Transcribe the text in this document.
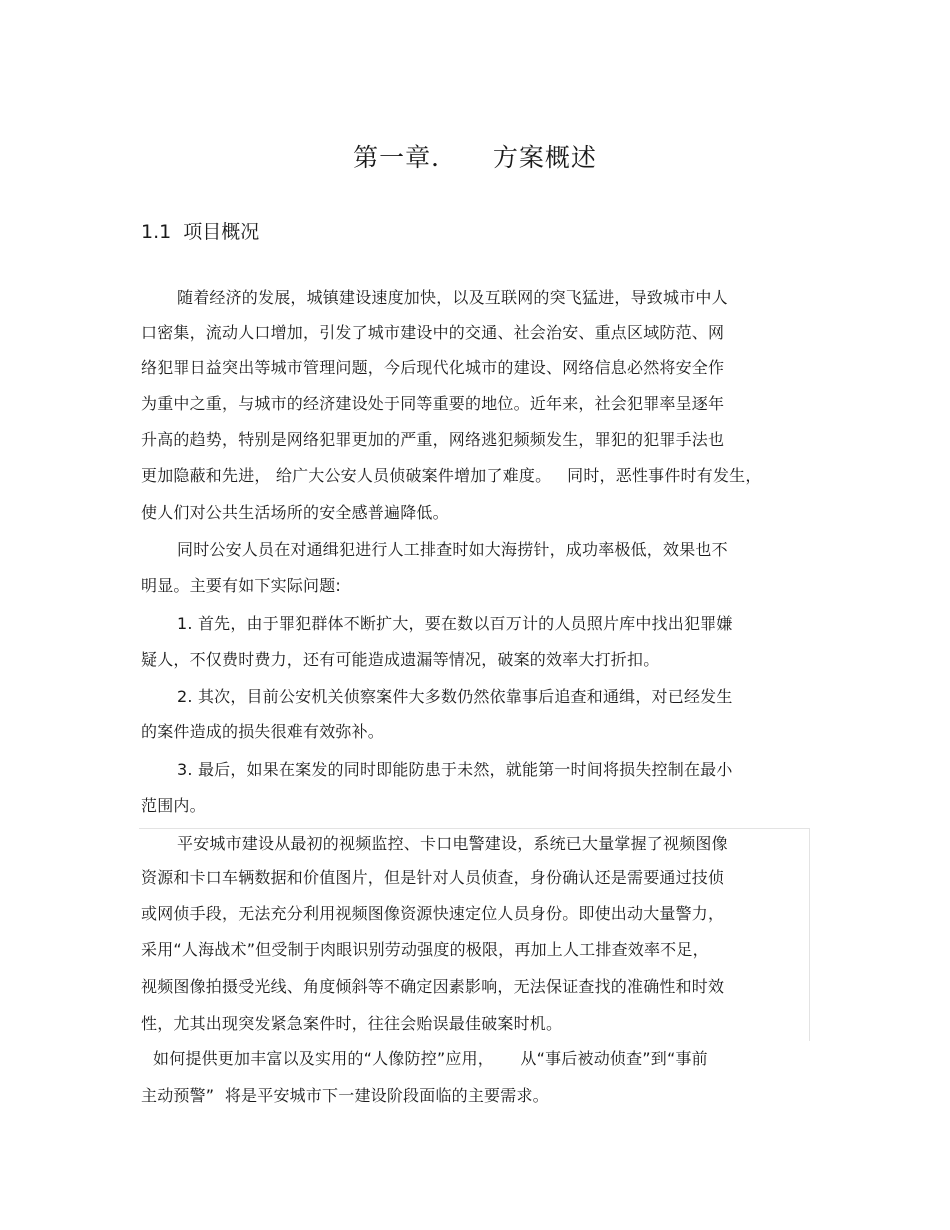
第一章．    方案概述
1.1  项目概况
随着经济的发展，城镇建设速度加快，以及互联网的突飞猛进，导致城市中人
口密集，流动人口增加，引发了城市建设中的交通、社会治安、重点区域防范、网
络犯罪日益突出等城市管理问题，今后现代化城市的建设、网络信息必然将安全作
为重中之重，与城市的经济建设处于同等重要的地位。近年来，社会犯罪率呈逐年
升高的趋势，特别是网络犯罪更加的严重，网络逃犯频频发生，罪犯的犯罪手法也
更加隐蔽和先进， 给广大公安人员侦破案件增加了难度。   同时，恶性事件时有发生，
使人们对公共生活场所的安全感普遍降低。
同时公安人员在对通缉犯进行人工排查时如大海捞针，成功率极低，效果也不
明显。主要有如下实际问题:
1. 首先，由于罪犯群体不断扩大，要在数以百万计的人员照片库中找出犯罪嫌
疑人，不仅费时费力，还有可能造成遗漏等情况，破案的效率大打折扣。
2. 其次，目前公安机关侦察案件大多数仍然依靠事后追查和通缉，对已经发生
的案件造成的损失很难有效弥补。
3. 最后，如果在案发的同时即能防患于未然，就能第一时间将损失控制在最小
范围内。
平安城市建设从最初的视频监控、卡口电警建设，系统已大量掌握了视频图像
资源和卡口车辆数据和价值图片，但是针对人员侦查，身份确认还是需要通过技侦
或网侦手段，无法充分利用视频图像资源快速定位人员身份。即使出动大量警力，
采用“人海战术”但受制于肉眼识别劳动强度的极限，再加上人工排查效率不足，
视频图像拍摄受光线、角度倾斜等不确定因素影响，无法保证查找的准确性和时效
性，尤其出现突发紧急案件时，往往会贻误最佳破案时机。
如何提供更加丰富以及实用的“人像防控”应用，     从“事后被动侦查”到“事前
主动预警”  将是平安城市下一建设阶段面临的主要需求。
